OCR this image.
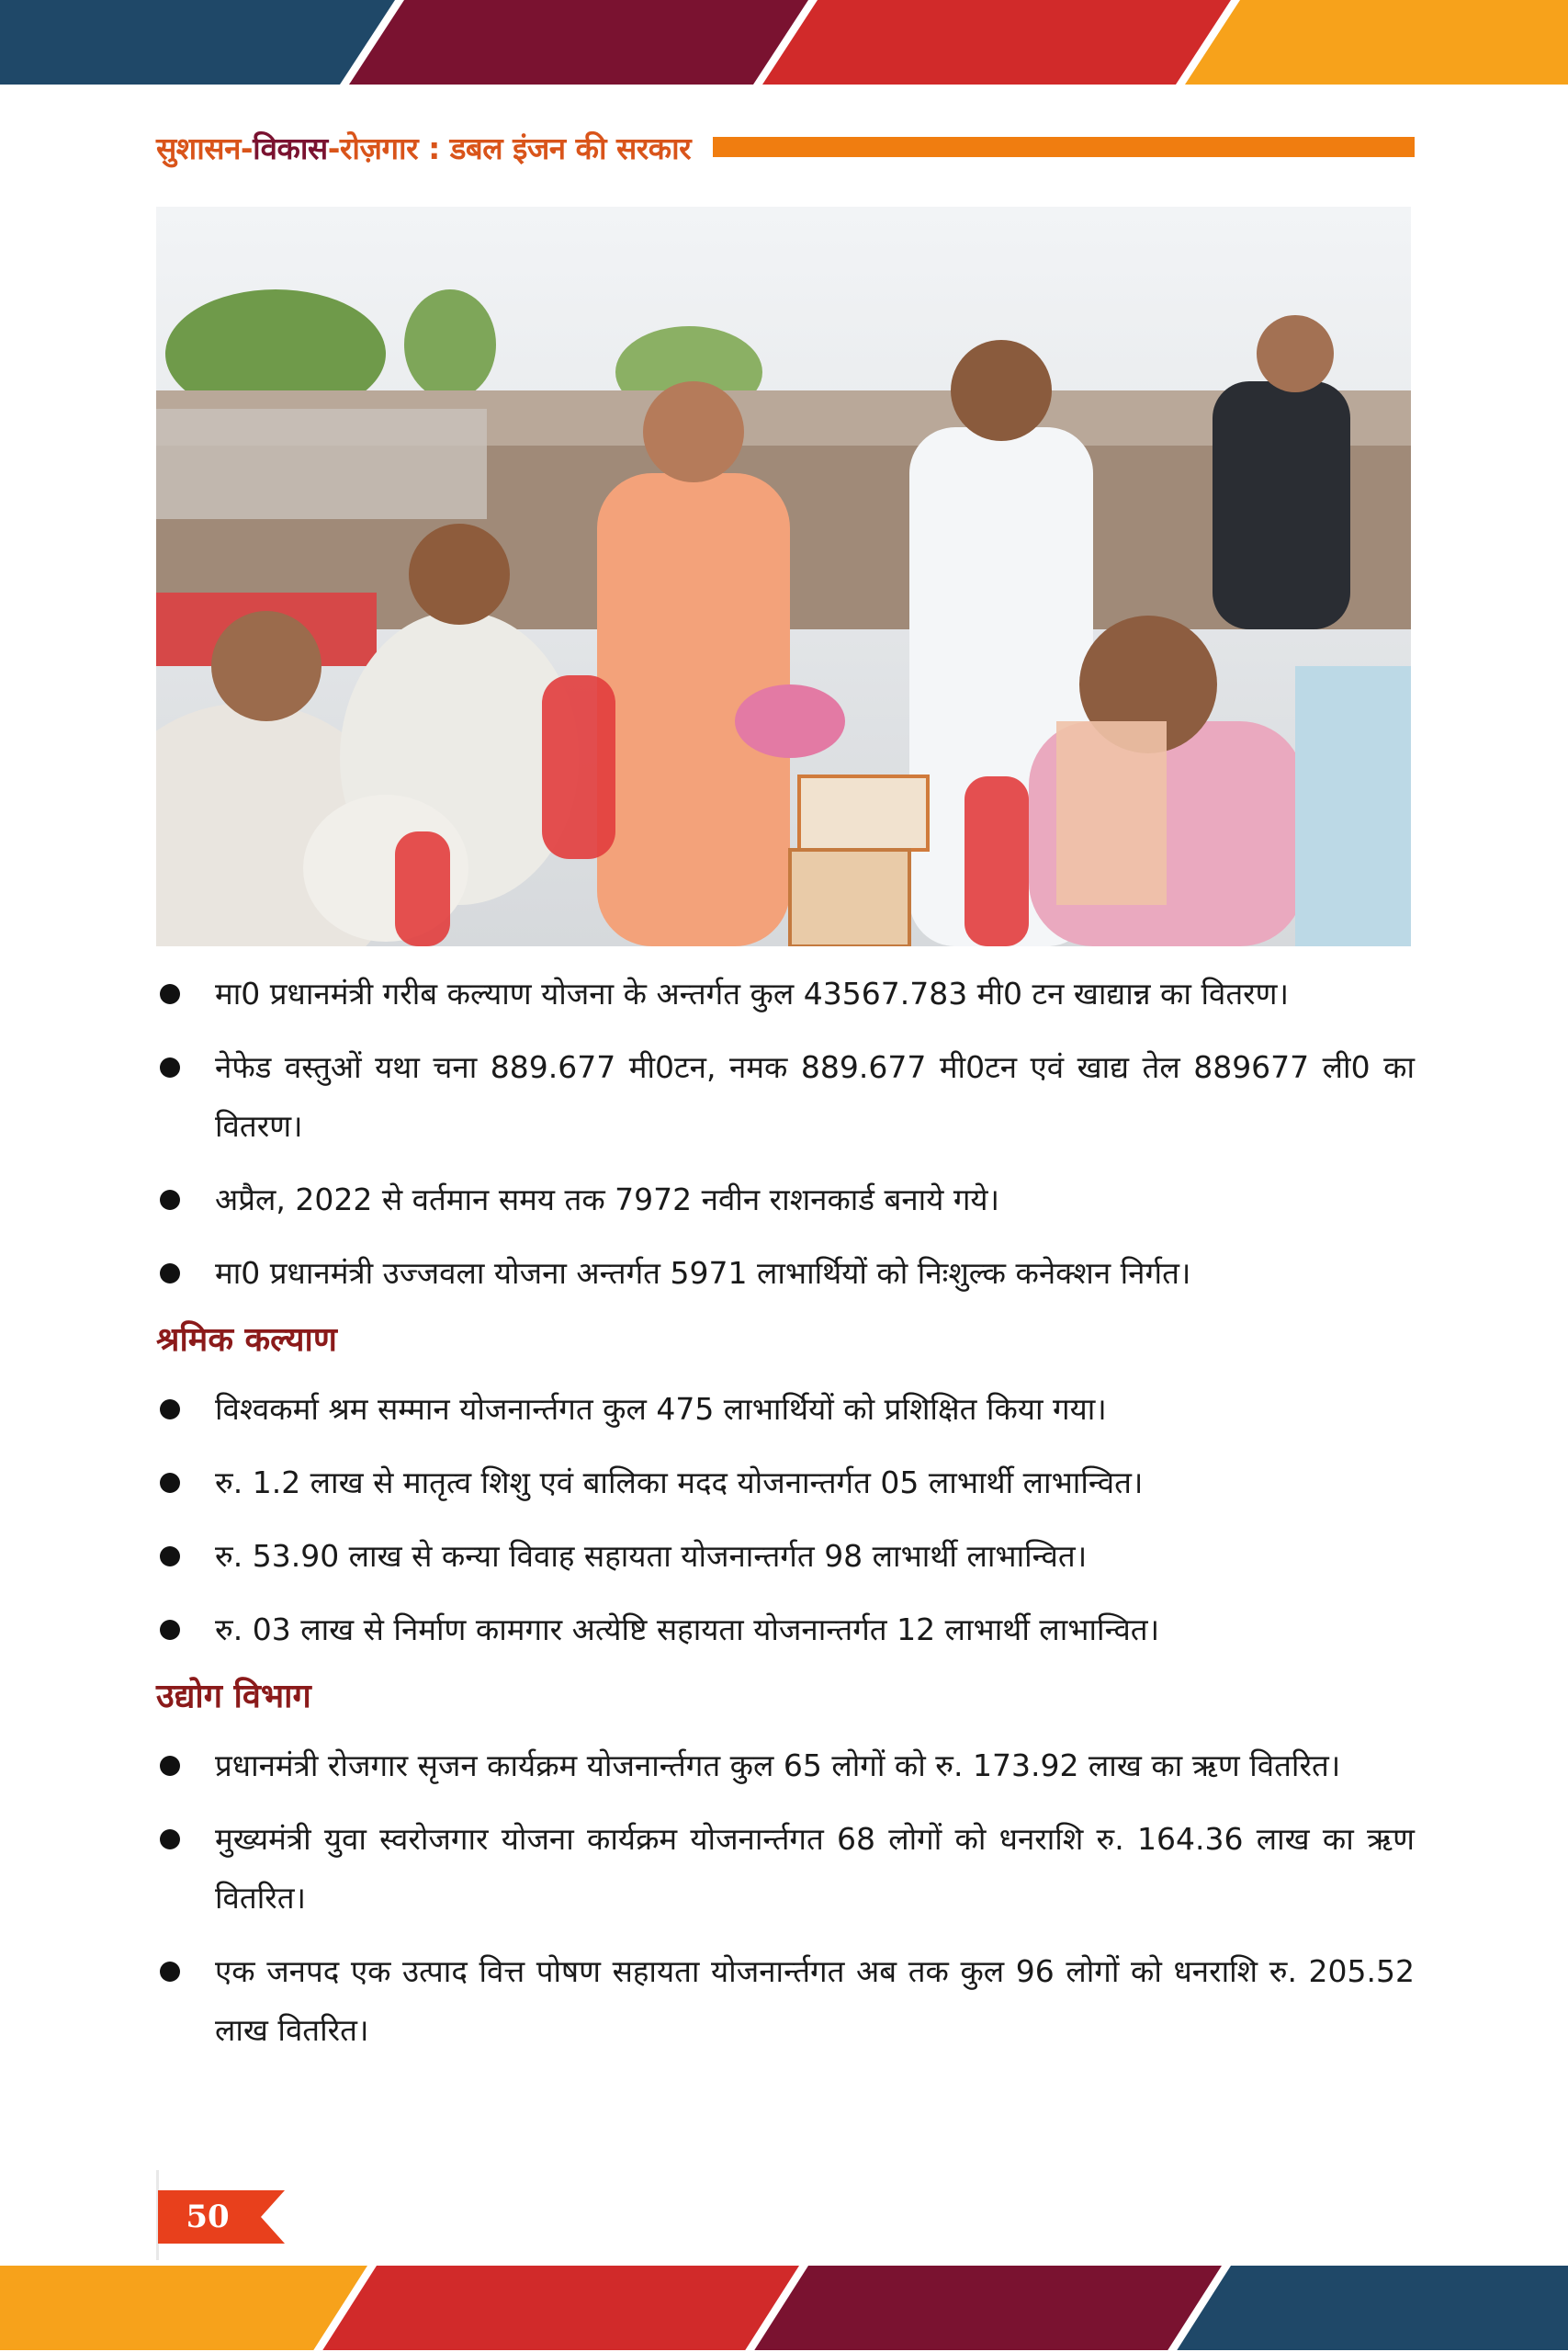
सुशासन-विकास-रोज़गार : डबल इंजन की सरकार
मा0 प्रधानमंत्री गरीब कल्याण योजना के अन्तर्गत कुल 43567.783 मी0 टन खाद्यान्न का वितरण।
नेफेड वस्तुओं यथा चना 889.677 मी0टन, नमक 889.677 मी0टन एवं खाद्य तेल 889677 ली0 का वितरण।
अप्रैल, 2022 से वर्तमान समय तक 7972 नवीन राशनकार्ड बनाये गये।
मा0 प्रधानमंत्री उज्जवला योजना अन्तर्गत 5971 लाभार्थियों को निःशुल्क कनेक्शन निर्गत।
श्रमिक कल्याण
विश्वकर्मा श्रम सम्मान योजनार्न्तगत कुल 475 लाभार्थियों को प्रशिक्षित किया गया।
रु. 1.2 लाख से मातृत्व शिशु एवं बालिका मदद योजनान्तर्गत 05 लाभार्थी लाभान्वित।
रु. 53.90 लाख से कन्या विवाह सहायता योजनान्तर्गत 98 लाभार्थी लाभान्वित।
रु. 03 लाख से निर्माण कामगार अत्येष्टि सहायता योजनान्तर्गत 12 लाभार्थी लाभान्वित।
उद्योग विभाग
प्रधानमंत्री रोजगार सृजन कार्यक्रम योजनार्न्तगत कुल 65 लोगों को रु. 173.92 लाख का ऋण वितरित।
मुख्यमंत्री युवा स्वरोजगार योजना कार्यक्रम योजनार्न्तगत 68 लोगों को धनराशि रु. 164.36 लाख का ऋण वितरित।
एक जनपद एक उत्पाद वित्त पोषण सहायता योजनार्न्तगत अब तक कुल 96 लोगों को धनराशि रु. 205.52 लाख वितरित।
50
